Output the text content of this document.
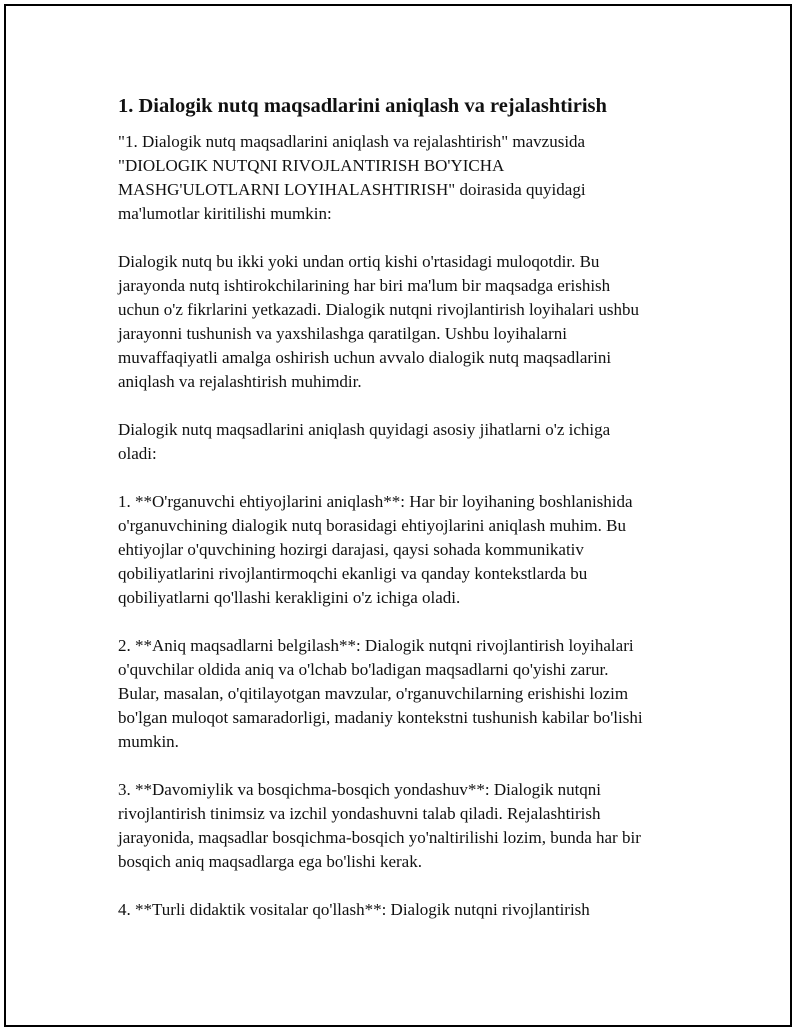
1. Dialogik nutq maqsadlarini aniqlash va rejalashtirish
"1. Dialogik nutq maqsadlarini aniqlash va rejalashtirish" mavzusida
"DIOLOGIK NUTQNI RIVOJLANTIRISH BO'YICHA
MASHG'ULOTLARNI LOYIHALASHTIRISH" doirasida quyidagi
ma'lumotlar kiritilishi mumkin:
Dialogik nutq bu ikki yoki undan ortiq kishi o'rtasidagi muloqotdir. Bu
jarayonda nutq ishtirokchilarining har biri ma'lum bir maqsadga erishish
uchun o'z fikrlarini yetkazadi. Dialogik nutqni rivojlantirish loyihalari ushbu
jarayonni tushunish va yaxshilashga qaratilgan. Ushbu loyihalarni
muvaffaqiyatli amalga oshirish uchun avvalo dialogik nutq maqsadlarini
aniqlash va rejalashtirish muhimdir.
Dialogik nutq maqsadlarini aniqlash quyidagi asosiy jihatlarni o'z ichiga
oladi:
1. **O'rganuvchi ehtiyojlarini aniqlash**: Har bir loyihaning boshlanishida
o'rganuvchining dialogik nutq borasidagi ehtiyojlarini aniqlash muhim. Bu
ehtiyojlar o'quvchining hozirgi darajasi, qaysi sohada kommunikativ
qobiliyatlarini rivojlantirmoqchi ekanligi va qanday kontekstlarda bu
qobiliyatlarni qo'llashi kerakligini o'z ichiga oladi.
2. **Aniq maqsadlarni belgilash**: Dialogik nutqni rivojlantirish loyihalari
o'quvchilar oldida aniq va o'lchab bo'ladigan maqsadlarni qo'yishi zarur.
Bular, masalan, o'qitilayotgan mavzular, o'rganuvchilarning erishishi lozim
bo'lgan muloqot samaradorligi, madaniy kontekstni tushunish kabilar bo'lishi
mumkin.
3. **Davomiylik va bosqichma-bosqich yondashuv**: Dialogik nutqni
rivojlantirish tinimsiz va izchil yondashuvni talab qiladi. Rejalashtirish
jarayonida, maqsadlar bosqichma-bosqich yo'naltirilishi lozim, bunda har bir
bosqich aniq maqsadlarga ega bo'lishi kerak.
4. **Turli didaktik vositalar qo'llash**: Dialogik nutqni rivojlantirish
